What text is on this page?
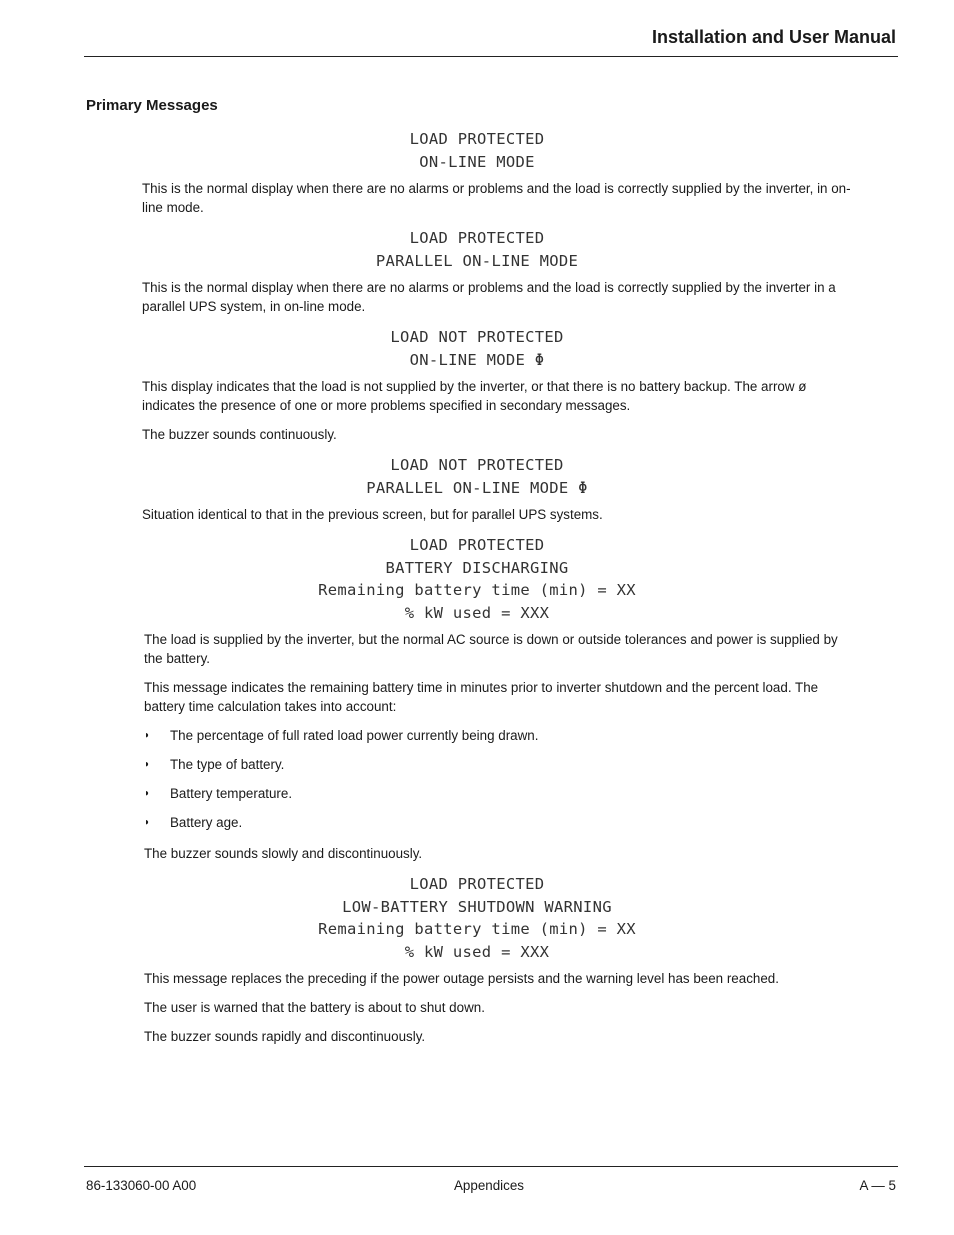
Installation and User Manual
Primary Messages
LOAD PROTECTED
ON-LINE MODE

This is the normal display when there are no alarms or problems and the load is correctly supplied by the inverter, in on-line mode.

LOAD PROTECTED
PARALLEL ON-LINE MODE

This is the normal display when there are no alarms or problems and the load is correctly supplied by the inverter in a parallel UPS system, in on-line mode.

LOAD NOT PROTECTED
ON-LINE MODE Φ

This display indicates that the load is not supplied by the inverter, or that there is no battery backup. The arrow ø indicates the presence of one or more problems specified in secondary messages.

The buzzer sounds continuously.

LOAD NOT PROTECTED
PARALLEL ON-LINE MODE Φ

Situation identical to that in the previous screen, but for parallel UPS systems.

LOAD PROTECTED
BATTERY DISCHARGING
Remaining battery time (min) = XX
% kW used = XXX

The load is supplied by the inverter, but the normal AC source is down or outside tolerances and power is supplied by the battery.

This message indicates the remaining battery time in minutes prior to inverter shutdown and the percent load. The battery time calculation takes into account:

◗ The percentage of full rated load power currently being drawn.
◗ The type of battery.
◗ Battery temperature.
◗ Battery age.

The buzzer sounds slowly and discontinuously.

LOAD PROTECTED
LOW-BATTERY SHUTDOWN WARNING
Remaining battery time (min) = XX
% kW used = XXX

This message replaces the preceding if the power outage persists and the warning level has been reached.

The user is warned that the battery is about to shut down.

The buzzer sounds rapidly and discontinuously.

86-133060-00 A00	Appendices	A — 5
